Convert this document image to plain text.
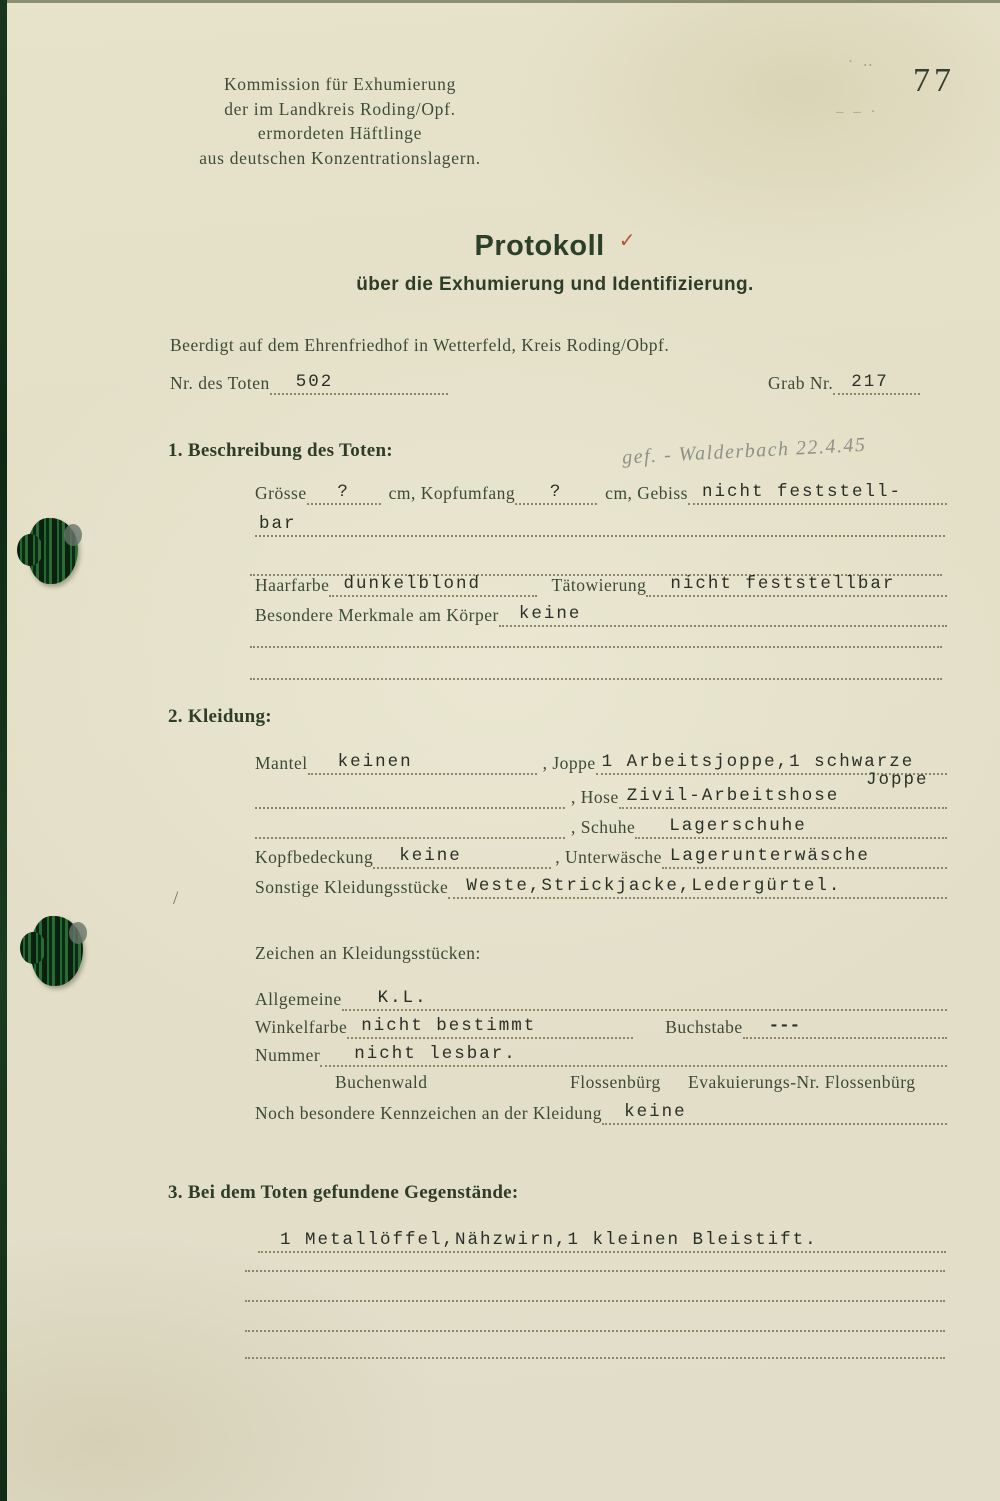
Kommission für Exhumierung
der im Landkreis Roding/Opf.
ermordeten Häftlinge
aus deutschen Konzentrationslagern.
77
· ‥
– – ·
/
Protokoll ✓
über die Exhumierung und Identifizierung.
Beerdigt auf dem Ehrenfriedhof in Wetterfeld, Kreis Roding/Obpf.
Nr. des Toten	502	Grab Nr.	217
1. Beschreibung des Toten:	gef. - Walderbach 22.4.45
Grösse	?	cm, Kopfumfang	?	cm, Gebiss nicht feststell-
bar
Haarfarbe dunkelblond	Tätowierung	nicht feststellbar
Besondere Merkmale am Körper	keine
2. Kleidung:
Mantel	keinen	, Joppe 1 Arbeitsjoppe,1 schwarze
Joppe
, Hose Zivil-Arbeitshose
, Schuhe	Lagerschuhe
Kopfbedeckung	keine	, Unterwäsche Lagerunterwäsche
Sonstige Kleidungsstücke	Weste,Strickjacke,Ledergürtel.
Zeichen an Kleidungsstücken:
Allgemeine	K.L.
Winkelfarbe nicht bestimmt	Buchstabe	---
Nummer	nicht lesbar.
Buchenwald	Flossenbürg Evakuierungs-Nr. Flossenbürg
Noch besondere Kennzeichen an der Kleidung	keine
3. Bei dem Toten gefundene Gegenstände:
1 Metallöffel,Nähzwirn,1 kleinen Bleistift.
